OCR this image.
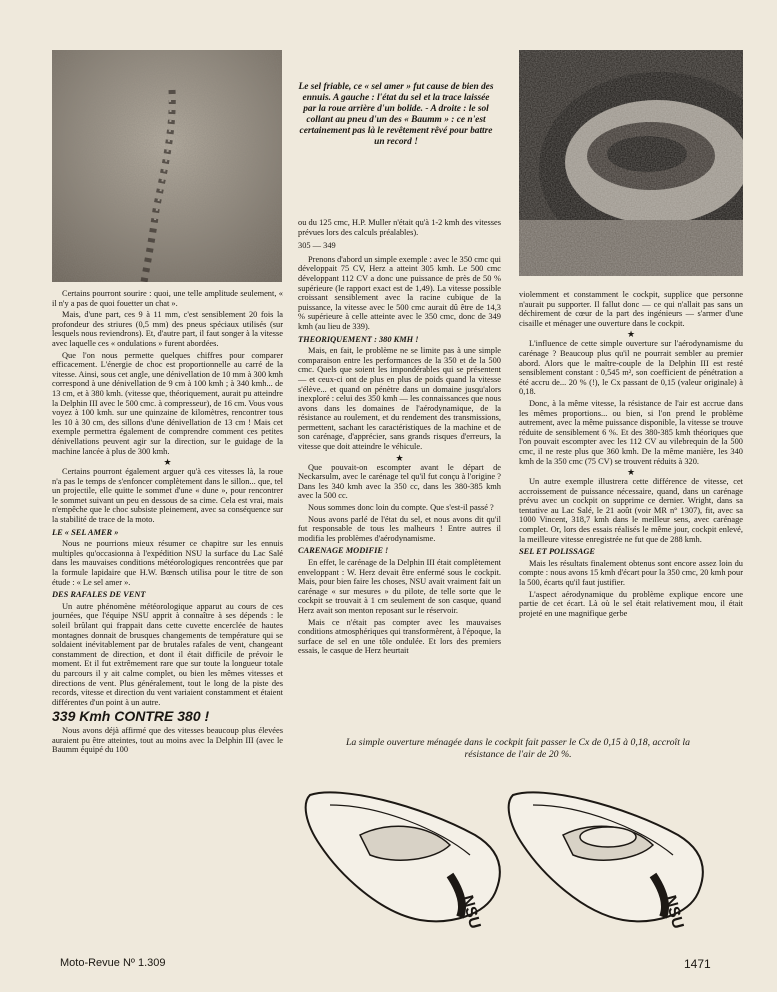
Le sel friable, ce « sel amer » fut cause de bien des ennuis. A gauche : l'état du sel et la trace laissée par la roue arrière d'un bolide. - A droite : le sol collant au pneu d'un des « Baumm » : ce n'est certainement pas là le revêtement rêvé pour battre un record !

Certains pourront sourire : quoi, une telle amplitude seulement, « il n'y a pas de quoi fouetter un chat ».

Mais, d'une part, ces 9 à 11 mm, c'est sensiblement 20 fois la profondeur des striures (0,5 mm) des pneus spéciaux utilisés (sur lesquels nous reviendrons). Et, d'autre part, il faut songer à la vitesse avec laquelle ces « ondulations » furent abordées.

Que l'on nous permette quelques chiffres pour comparer efficacement. L'énergie de choc est proportionnelle au carré de la vitesse. Ainsi, sous cet angle, une dénivellation de 10 mm à 300 kmh correspond à une dénivellation de 9 cm à 100 kmh ; à 340 kmh... de 13 cm, et à 380 kmh. (vitesse que, théoriquement, aurait pu atteindre la Delphin III avec le 500 cmc. à compresseur), de 16 cm. Vous vous voyez à 100 kmh. sur une quinzaine de kilomètres, rencontrer tous les 10 à 30 cm, des sillons d'une dénivellation de 13 cm ! Mais cet exemple permettra également de comprendre comment ces petites dénivellations peuvent agir sur la direction, sur le guidage de la machine lancée à plus de 300 kmh.

★

Certains pourront également arguer qu'à ces vitesses là, la roue n'a pas le temps de s'enfoncer complètement dans le sillon... que, tel un projectile, elle quitte le sommet d'une « dune », pour rencontrer le sommet suivant un peu en dessous de sa cime. Cela est vrai, mais n'empêche que le choc subsiste pleinement, avec sa conséquence sur la stabilité de trace de la moto.

LE « SEL AMER »

Nous ne pourrions mieux résumer ce chapitre sur les ennuis multiples qu'occasionna à l'expédition NSU la surface du Lac Salé dans les mauvaises conditions météorologiques rencontrées que par la formule lapidaire que H.W. Bœnsch utilisa pour le titre de son étude : « Le sel amer ».

DES RAFALES DE VENT

Un autre phénomène météorologique apparut au cours de ces journées, que l'équipe NSU apprit à connaître à ses dépends : le soleil brûlant qui frappait dans cette cuvette encerclée de hautes montagnes donnait de brusques changements de température qui se soldaient inévitablement par de brutales rafales de vent, changeant constamment de direction, et dont il était difficile de prévoir le moment. Et il fut extrêmement rare que sur toute la longueur totale du parcours il y ait calme complet, ou bien les mêmes vitesses et directions de vent. Plus généralement, tout le long de la piste des records, vitesse et direction du vent variaient constamment et étaient différentes d'un point à un autre.

339 Kmh CONTRE 380 !

Nous avons déjà affirmé que des vitesses beaucoup plus élevées auraient pu être atteintes, tout au moins avec la Delphin III (avec le Baumm équipé du 100

ou du 125 cmc, H.P. Muller n'était qu'à 1-2 kmh des vitesses prévues lors des calculs préalables).

305 — 349

Prenons d'abord un simple exemple : avec le 350 cmc qui développait 75 CV, Herz a atteint 305 kmh. Le 500 cmc développant 112 CV a donc une puissance de près de 50 % supérieure (le rapport exact est de 1,49). La vitesse possible croissant sensiblement avec la racine cubique de la puissance, la vitesse avec le 500 cmc aurait dû être de 14,3 % supérieure à celle atteinte avec le 350 cmc, donc de 349 kmh (au lieu de 339).

THEORIQUEMENT : 380 KMH !

Mais, en fait, le problème ne se limite pas à une simple comparaison entre les performances de la 350 et de la 500 cmc. Quels que soient les impondérables qui se présentent — et ceux-ci ont de plus en plus de poids quand la vitesse s'élève... et quand on pénètre dans un domaine jusqu'alors inexploré : celui des 350 kmh — les connaissances que nous avons dans les domaines de l'aérodynamique, de la résistance au roulement, et du rendement des transmissions, permettent, sachant les caractéristiques de la machine et de son carénage, d'apprécier, sans grands risques d'erreurs, la vitesse que doit atteindre le véhicule.

★

Que pouvait-on escompter avant le départ de Neckarsulm, avec le carénage tel qu'il fut conçu à l'origine ? Dans les 340 kmh avec la 350 cc, dans les 380-385 kmh avec la 500 cc.

Nous sommes donc loin du compte. Que s'est-il passé ?

Nous avons parlé de l'état du sel, et nous avons dit qu'il fut responsable de tous les malheurs ! Entre autres il modifia les problèmes d'aérodynamisme.

CARENAGE MODIFIE !

En effet, le carénage de la Delphin III était complètement enveloppant : W. Herz devait être enfermé sous le cockpit. Mais, pour bien faire les choses, NSU avait vraiment fait un carénage « sur mesures » du pilote, de telle sorte que le cockpit se trouvait à 1 cm seulement de son casque, quand Herz avait son menton reposant sur le réservoir.

Mais ce n'était pas compter avec les mauvaises conditions atmosphériques qui transformèrent, à l'époque, la surface de sel en une tôle ondulée. Et lors des premiers essais, le casque de Herz heurtait

violemment et constamment le cockpit, supplice que personne n'aurait pu supporter. Il fallut donc — ce qui n'allait pas sans un déchirement de cœur de la part des ingénieurs — s'armer d'une cisaille et ménager une ouverture dans le cockpit.

★

L'influence de cette simple ouverture sur l'aérodynamisme du carénage ? Beaucoup plus qu'il ne pourrait sembler au premier abord. Alors que le maître-couple de la Delphin III est resté sensiblement constant : 0,545 m², son coefficient de pénétration a été accru de... 20 % (!), le Cx passant de 0,15 (valeur originale) à 0,18.

Donc, à la même vitesse, la résistance de l'air est accrue dans les mêmes proportions... ou bien, si l'on prend le problème autrement, avec la même puissance disponible, la vitesse se trouve réduite de sensiblement 6 %. Et des 380-385 kmh théoriques que l'on pouvait escompter avec les 112 CV au vilebrequin de la 500 cmc, il ne reste plus que 360 kmh. De la même manière, les 340 kmh de la 350 cmc (75 CV) se trouvent réduits à 320.

★

Un autre exemple illustrera cette différence de vitesse, cet accroissement de puissance nécessaire, quand, dans un carénage prévu avec un cockpit on supprime ce dernier. Wright, dans sa tentative au Lac Salé, le 21 août (voir MR n° 1307), fit, avec sa 1000 Vincent, 318,7 kmh dans le meilleur sens, avec carénage complet. Or, lors des essais réalisés le même jour, cockpit enlevé, la meilleure vitesse enregistrée ne fut que de 288 kmh.

SEL ET POLISSAGE

Mais les résultats finalement obtenus sont encore assez loin du compte : nous avons 15 kmh d'écart pour la 350 cmc, 20 kmh pour la 500, écarts qu'il faut justifier.

L'aspect aérodynamique du problème explique encore une partie de cet écart. Là où le sel était relativement mou, il était projeté en une magnifique gerbe

La simple ouverture ménagée dans le cockpit fait passer le Cx de 0,15 à 0,18, accroît la résistance de l'air de 20 %.
NSU	NSU
Moto-Revue Nº 1.309	1471
